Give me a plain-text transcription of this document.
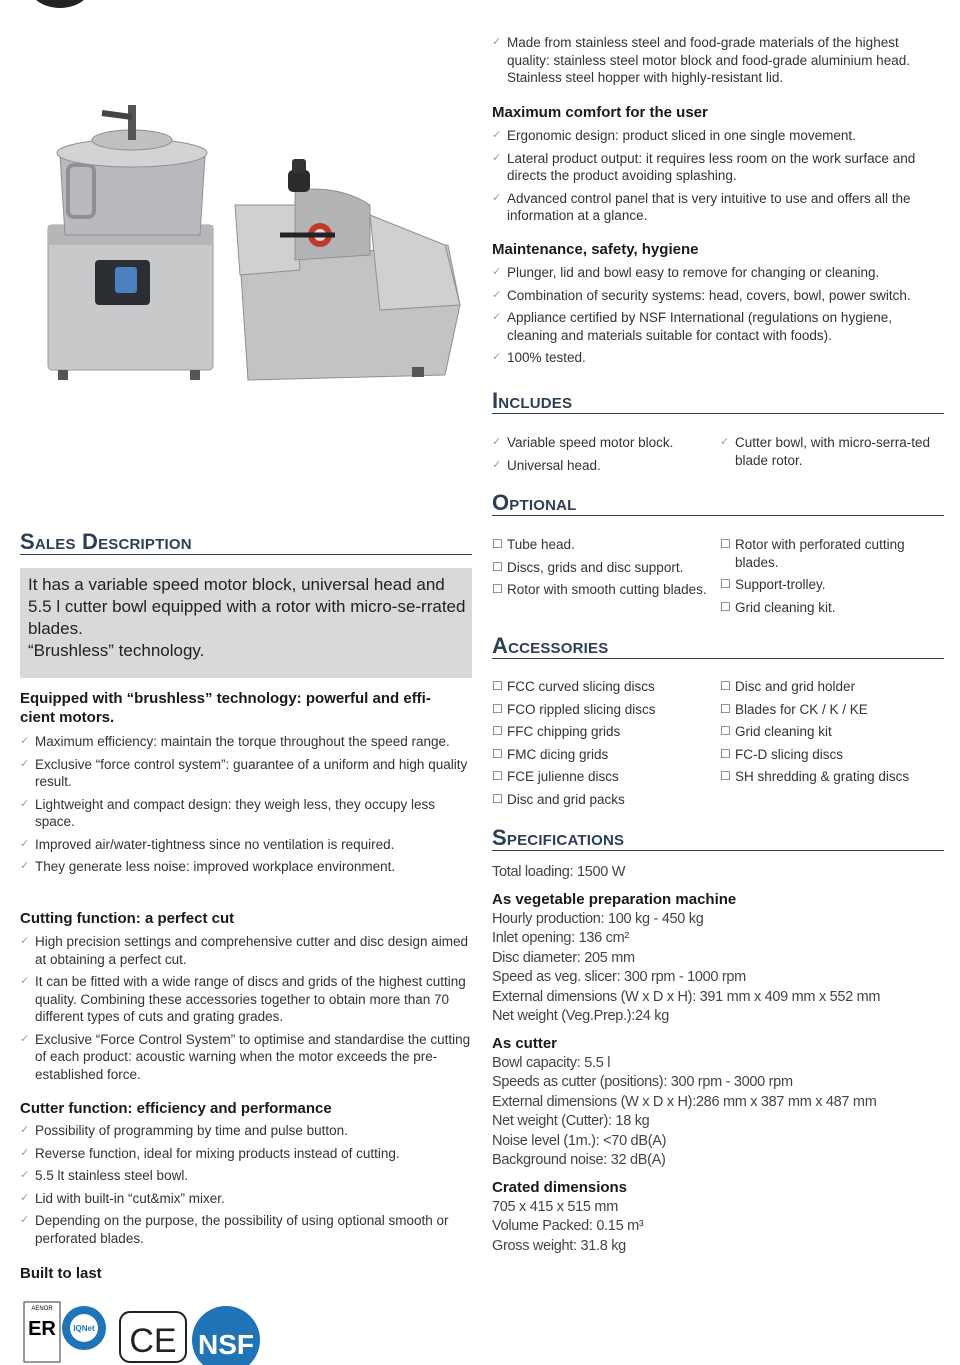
✓ Made from stainless steel and food-grade materials of the highest quality: stainless steel motor block and food-grade aluminium head. Stainless steel hopper with highly-resistant lid.
Maximum comfort for the user
✓ Ergonomic design: product sliced in one single movement.
✓ Lateral product output: it requires less room on the work surface and directs the product avoiding splashing.
✓ Advanced control panel that is very intuitive to use and offers all the information at a glance.
Maintenance, safety, hygiene
✓ Plunger, lid and bowl easy to remove for changing or cleaning.
✓ Combination of security systems: head, covers, bowl, power switch.
✓ Appliance certified by NSF International (regulations on hygiene, cleaning and materials suitable for contact with foods).
✓ 100% tested.
Includes
✓ Variable speed motor block.
✓ Universal head.
✓ Cutter bowl, with micro-serra-ted blade rotor.
Optional
☐ Tube head.
☐ Discs, grids and disc support.
☐ Rotor with smooth cutting blades.
☐ Rotor with perforated cutting blades.
☐ Support-trolley.
☐ Grid cleaning kit.
Accessories
☐ FCC curved slicing discs
☐ FCO rippled slicing discs
☐ FFC chipping grids
☐ FMC dicing grids
☐ FCE julienne discs
☐ Disc and grid packs
☐ Disc and grid holder
☐ Blades for CK / K / KE
☐ Grid cleaning kit
☐ FC-D slicing discs
☐ SH shredding & grating discs
Specifications
Total loading: 1500 W
As vegetable preparation machine
Hourly production: 100 kg - 450 kg
Inlet opening: 136 cm²
Disc diameter: 205 mm
Speed as veg. slicer: 300 rpm - 1000 rpm
External dimensions (W x D x H): 391 mm x 409 mm x 552 mm
Net weight (Veg.Prep.):24 kg
As cutter
Bowl capacity: 5.5 l
Speeds as cutter (positions): 300 rpm - 3000 rpm
External dimensions (W x D x H):286 mm x 387 mm x 487 mm
Net weight (Cutter): 18 kg
Noise level (1m.): <70 dB(A)
Background noise: 32 dB(A)
Crated dimensions
705 x 415 x 515 mm
Volume Packed: 0.15 m³
Gross weight: 31.8 kg
Sales Description
It has a variable speed motor block, universal head and 5.5 l cutter bowl equipped with a rotor with micro-se-rrated blades.
“Brushless” technology.
Equipped with “brushless” technology: powerful and effi-cient motors.
✓ Maximum efficiency: maintain the torque throughout the speed range.
✓ Exclusive “force control system”: guarantee of a uniform and high quality result.
✓ Lightweight and compact design: they weigh less, they occupy less space.
✓ Improved air/water-tightness since no ventilation is required.
✓ They generate less noise: improved workplace environment.
Cutting function: a perfect cut
✓ High precision settings and comprehensive cutter and disc design aimed at obtaining a perfect cut.
✓ It can be fitted with a wide range of discs and grids of the highest cutting quality. Combining these accessories together to obtain more than 70 different types of cuts and grating grades.
✓ Exclusive “Force Control System” to optimise and standardise the cutting of each product: acoustic warning when the motor exceeds the pre-established force.
Cutter function: efficiency and performance
✓ Possibility of programming by time and pulse button.
✓ Reverse function, ideal for mixing products instead of cutting.
✓ 5.5 lt stainless steel bowl.
✓ Lid with built-in “cut&mix” mixer.
✓ Depending on the purpose, the possibility of using optional smooth or perforated blades.
Built to last
AENOR
ER IQNet CE NSF
